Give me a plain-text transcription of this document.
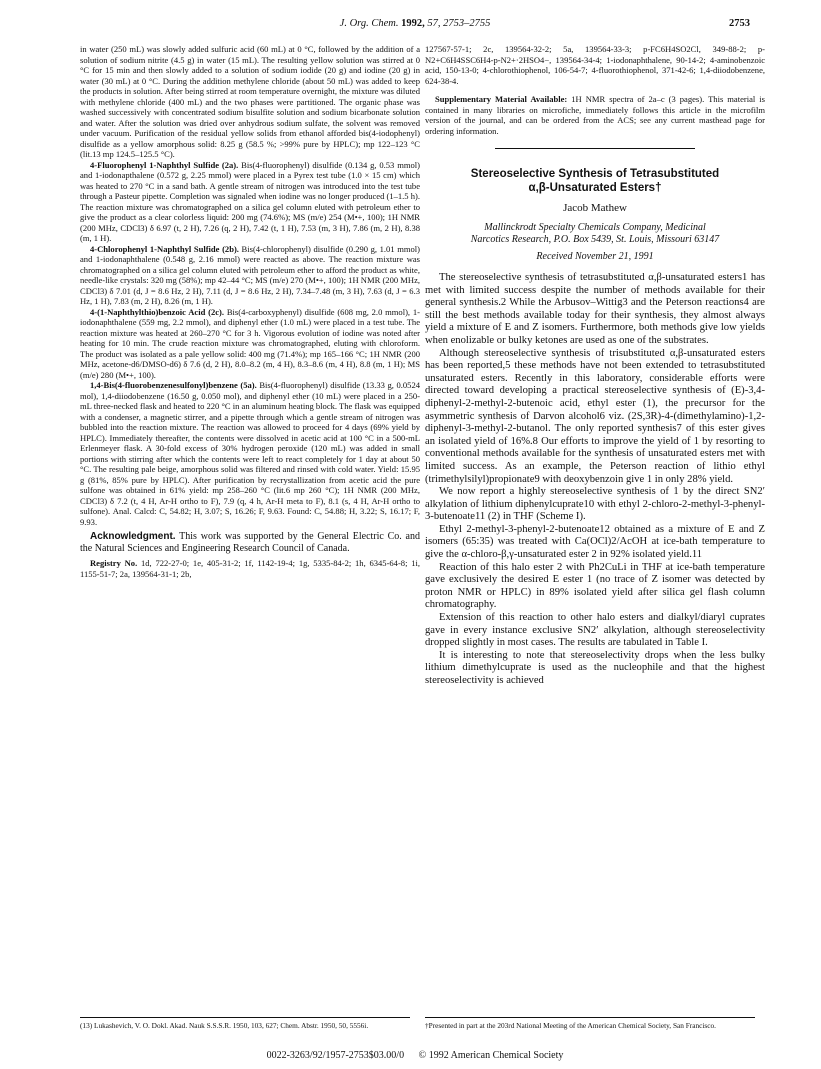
J. Org. Chem. 1992, 57, 2753–2755	2753

in water (250 mL) was slowly added sulfuric acid (60 mL) at 0 °C, followed by the addition of a solution of sodium nitrite (4.5 g) in water (15 mL). The resulting yellow solution was stirred at 0 °C for 15 min and then slowly added to a solution of sodium iodide (20 g) and iodine (20 g) in water (30 mL) at 0 °C. During the addition methylene chloride (about 50 mL) was added to keep the products in solution. After being stirred at room temperature overnight, the mixture was diluted with methylene chloride (400 mL) and the two phases were partitioned. The organic phase was washed successively with concentrated sodium bisulfite solution and sodium bicarbonate solution and water. After the solution was dried over anhydrous sodium sulfate, the solvent was removed under vacuum. Purification of the residual yellow solids from ethanol afforded bis(4-iodophenyl) disulfide as a yellow amorphous solid: 8.25 g (58.5 %; >99% pure by HPLC); mp 122–123 °C (lit.13 mp 124.5–125.5 °C).

4-Fluorophenyl 1-Naphthyl Sulfide (2a). Bis(4-fluorophenyl) disulfide (0.134 g, 0.53 mmol) and 1-iodonapthalene (0.572 g, 2.25 mmol) were placed in a Pyrex test tube (1.0 × 15 cm) which was heated to 270 °C in a sand bath. A gentle stream of nitrogen was introduced into the test tube through a Pasteur pipette. Completion was signaled when iodine was no longer produced (1–1.5 h). The reaction mixture was chromatographed on a silica gel column eluted with petroleum ether to give the product as a clear colorless liquid: 200 mg (74.6%); MS (m/e) 254 (M•+, 100); 1H NMR (200 MHz, CDCl3) δ 6.97 (t, 2 H), 7.26 (q, 2 H), 7.42 (t, 1 H), 7.53 (m, 3 H), 7.86 (m, 2 H), 8.38 (m, 1 H).

4-Chlorophenyl 1-Naphthyl Sulfide (2b). Bis(4-chlorophenyl) disulfide (0.290 g, 1.01 mmol) and 1-iodonaphthalene (0.548 g, 2.16 mmol) were reacted as above. The reaction mixture was chromatographed on a silica gel column eluted with petroleum ether to afford the product as white, needle-like crystals: 320 mg (58%); mp 42–44 °C; MS (m/e) 270 (M•+, 100); 1H NMR (200 MHz, CDCl3) δ 7.01 (d, J = 8.6 Hz, 2 H), 7.11 (d, J = 8.6 Hz, 2 H), 7.34–7.48 (m, 3 H), 7.63 (d, J = 6.3 Hz, 1 H), 7.83 (m, 2 H), 8.26 (m, 1 H).

4-(1-Naphthylthio)benzoic Acid (2c). Bis(4-carboxyphenyl) disulfide (608 mg, 2.0 mmol), 1-iodonaphthalene (559 mg, 2.2 mmol), and diphenyl ether (1.0 mL) were placed in a test tube. The reaction mixture was heated at 260–270 °C for 3 h. Vigorous evolution of iodine was noted after heating for 10 min. The crude reaction mixture was chromatographed, eluting with chloroform. The product was isolated as a pale yellow solid: 400 mg (71.4%); mp 165–166 °C; 1H NMR (200 MHz, acetone-d6/DMSO-d6) δ 7.6 (d, 2 H), 8.0–8.2 (m, 4 H), 8.3–8.6 (m, 4 H), 8.8 (m, 1 H); MS (m/e) 280 (M•+, 100).

1,4-Bis(4-fluorobenzenesulfonyl)benzene (5a). Bis(4-fluorophenyl) disulfide (13.33 g, 0.0524 mol), 1,4-diiodobenzene (16.50 g, 0.050 mol), and diphenyl ether (10 mL) were placed in a 250-mL three-necked flask and heated to 220 °C in an aluminum heating block. The flask was equipped with a condenser, a magnetic stirrer, and a pipette through which a gentle stream of nitrogen was bubbled into the reaction mixture. The reaction was allowed to proceed for 4 days (69% yield by HPLC). Immediately thereafter, the contents were dissolved in acetic acid at 100 °C in a 500-mL Erlenmeyer flask. A 30-fold excess of 30% hydrogen peroxide (120 mL) was added in small portions with stirring after which the contents were left to react completely for 1 day at about 50 °C. The resulting pale beige, amorphous solid was filtered and rinsed with cold water. Yield: 15.95 g (81%, 85% pure by HPLC). After purification by recrystallization from acetic acid the pure sulfone was obtained in 61% yield: mp 258–260 °C (lit.6 mp 260 °C); 1H NMR (200 MHz, CDCl3) δ 7.2 (t, 4 H, Ar-H ortho to F), 7.9 (q, 4 h, Ar-H meta to F), 8.1 (s, 4 H, Ar-H ortho to sulfone). Anal. Calcd: C, 54.82; H, 3.07; S, 16.26; F, 9.63. Found: C, 54.88; H, 3.22; S, 16.17; F, 9.93.

Acknowledgment. This work was supported by the General Electric Co. and the Natural Sciences and Engineering Research Council of Canada.

Registry No. 1d, 722-27-0; 1e, 405-31-2; 1f, 1142-19-4; 1g, 5335-84-2; 1h, 6345-64-8; 1i, 1155-51-7; 2a, 139564-31-1; 2b,

127567-57-1; 2c, 139564-32-2; 5a, 139564-33-3; p-FC6H4SO2Cl, 349-88-2; p-N2+C6H4SSC6H4-p-N2+·2HSO4−, 139564-34-4; 1-iodonaphthalene, 90-14-2; 4-aminobenzoic acid, 150-13-0; 4-chlorothiophenol, 106-54-7; 4-fluorothiophenol, 371-42-6; 1,4-diiodobenzene, 624-38-4.

Supplementary Material Available: 1H NMR spectra of 2a–c (3 pages). This material is contained in many libraries on microfiche, immediately follows this article in the microfilm version of the journal, and can be ordered from the ACS; see any current masthead page for ordering information.

Stereoselective Synthesis of Tetrasubstituted
α,β-Unsaturated Esters†
Jacob Mathew
Mallinckrodt Specialty Chemicals Company, Medicinal
Narcotics Research, P.O. Box 5439, St. Louis, Missouri 63147
Received November 21, 1991

The stereoselective synthesis of tetrasubstituted α,β-unsaturated esters1 has met with limited success despite the number of methods available for their general synthesis.2 While the Arbusov–Wittig3 and the Peterson reactions4 are still the best methods available today for their synthesis, they almost always yield a mixture of E and Z isomers. Furthermore, both methods give low yields when enolizable or bulky ketones are used as one of the substrates.

Although stereoselective synthesis of trisubstituted α,β-unsaturated esters has been reported,5 these methods have not been extended to tetrasubstituted unsaturated esters. Recently in this laboratory, considerable efforts were directed toward developing a practical stereoselective synthesis of (E)-3,4-diphenyl-2-methyl-2-butenoic acid, ethyl ester (1), the precursor for the asymmetric synthesis of Darvon alcohol6 viz. (2S,3R)-4-(dimethylamino)-1,2-diphenyl-3-methyl-2-butanol. The only reported synthesis7 of this ester gives an isolated yield of 16%.8 Our efforts to improve the yield of 1 by resorting to conventional methods available for the synthesis of unsaturated esters met with limited success. As an example, the Peterson reaction of lithio ethyl (trimethylsilyl)propionate9 with deoxybenzoin give 1 in only 28% yield.

We now report a highly stereoselective synthesis of 1 by the direct SN2′ alkylation of lithium diphenylcuprate10 with ethyl 2-chloro-2-methyl-3-phenyl-3-butenoate11 (2) in THF (Scheme I).

Ethyl 2-methyl-3-phenyl-2-butenoate12 obtained as a mixture of E and Z isomers (65:35) was treated with Ca(OCl)2/AcOH at ice-bath temperature to give the α-chloro-β,γ-unsaturated ester 2 in 92% isolated yield.11

Reaction of this halo ester 2 with Ph2CuLi in THF at ice-bath temperature gave exclusively the desired E ester 1 (no trace of Z isomer was detected by proton NMR or HPLC) in 89% isolated yield after silica gel flash column chromatography.

Extension of this reaction to other halo esters and dialkyl/diaryl cuprates gave in every instance exclusive SN2′ alkylation, although stereoselectivity dropped slightly in most cases. The results are tabulated in Table I.

It is interesting to note that stereoselectivity drops when the less bulky lithium dimethylcuprate is used as the nucleophile and that the highest stereoselectivity is achieved

(13) Lukashevich, V. O. Dokl. Akad. Nauk S.S.S.R. 1950, 103, 627; Chem. Abstr. 1950, 50, 5556i.	†Presented in part at the 203rd National Meeting of the American Chemical Society, San Francisco.
0022-3263/92/1957-2753$03.00/0 © 1992 American Chemical Society
